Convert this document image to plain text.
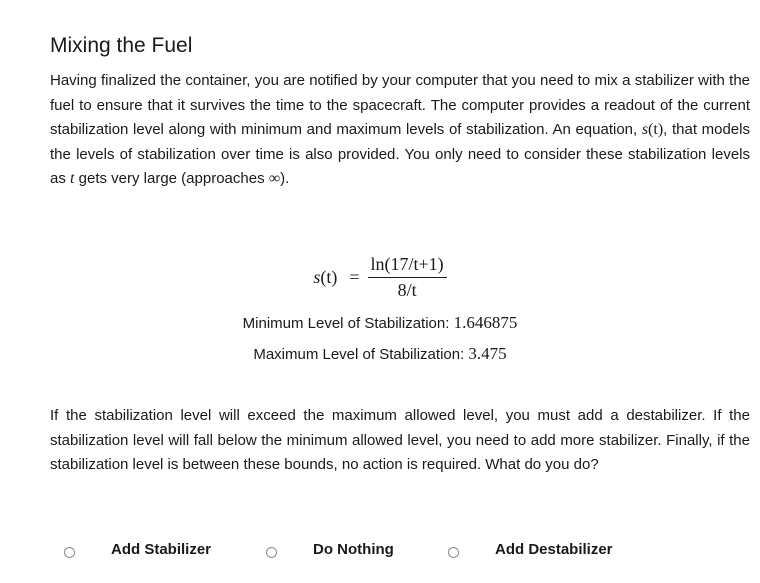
Mixing the Fuel

Having finalized the container, you are notified by your computer that you need to mix a stabilizer with the fuel to ensure that it survives the time to the spacecraft. The computer provides a readout of the current stabilization level along with minimum and maximum levels of stabilization. An equation, s(t), that models the levels of stabilization over time is also provided. You only need to consider these stabilization levels as t gets very large (approaches ∞).

s $(t) = \frac{\ln(17/t+1)}{8/t}$
Minimum Level of Stabilization: 1.646875
Maximum Level of Stabilization: 3.475

If the stabilization level will exceed the maximum allowed level, you must add a destabilizer. If the stabilization level will fall below the minimum allowed level, you need to add more stabilizer. Finally, if the stabilization level is between these bounds, no action is required. What do you do?

Add Stabilizer	Do Nothing	Add Destabilizer
